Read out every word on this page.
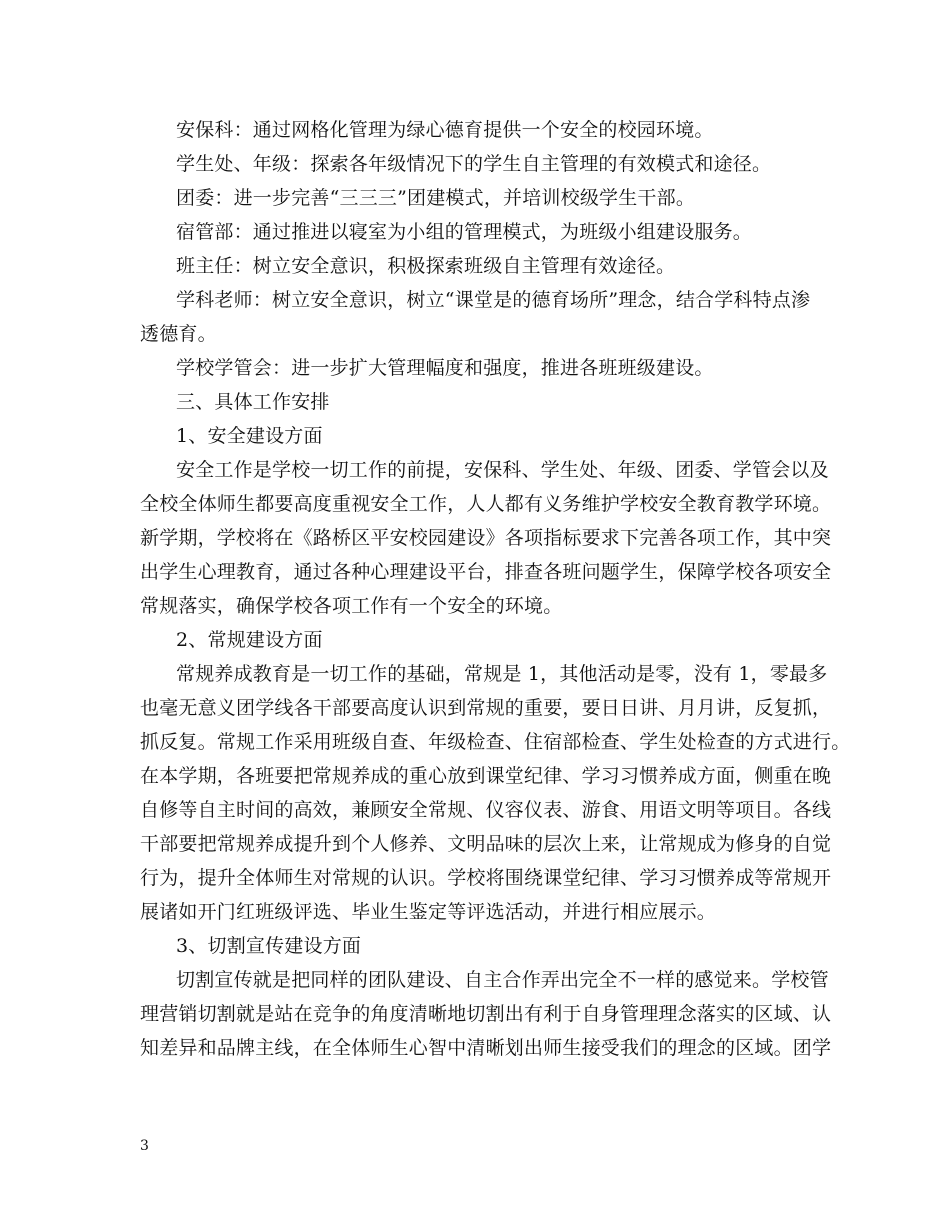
安保科：通过网格化管理为绿心德育提供一个安全的校园环境。
学生处、年级：探索各年级情况下的学生自主管理的有效模式和途径。
团委：进一步完善“三三三”团建模式，并培训校级学生干部。
宿管部：通过推进以寝室为小组的管理模式，为班级小组建设服务。
班主任：树立安全意识，积极探索班级自主管理有效途径。
学科老师：树立安全意识，树立“课堂是的德育场所”理念，结合学科特点渗
透德育。
学校学管会：进一步扩大管理幅度和强度，推进各班班级建设。
三、具体工作安排
1、安全建设方面
安全工作是学校一切工作的前提，安保科、学生处、年级、团委、学管会以及
全校全体师生都要高度重视安全工作，人人都有义务维护学校安全教育教学环境。
新学期，学校将在《路桥区平安校园建设》各项指标要求下完善各项工作，其中突
出学生心理教育，通过各种心理建设平台，排查各班问题学生，保障学校各项安全
常规落实，确保学校各项工作有一个安全的环境。
2、常规建设方面
常规养成教育是一切工作的基础，常规是 1，其他活动是零，没有 1，零最多
也毫无意义团学线各干部要高度认识到常规的重要，要日日讲、月月讲，反复抓，
抓反复。常规工作采用班级自查、年级检查、住宿部检查、学生处检查的方式进行。
在本学期，各班要把常规养成的重心放到课堂纪律、学习习惯养成方面，侧重在晚
自修等自主时间的高效，兼顾安全常规、仪容仪表、游食、用语文明等项目。各线
干部要把常规养成提升到个人修养、文明品味的层次上来，让常规成为修身的自觉
行为，提升全体师生对常规的认识。学校将围绕课堂纪律、学习习惯养成等常规开
展诸如开门红班级评选、毕业生鉴定等评选活动，并进行相应展示。
3、切割宣传建设方面
切割宣传就是把同样的团队建设、自主合作弄出完全不一样的感觉来。学校管
理营销切割就是站在竞争的角度清晰地切割出有利于自身管理理念落实的区域、认
知差异和品牌主线，在全体师生心智中清晰划出师生接受我们的理念的区域。团学
3
